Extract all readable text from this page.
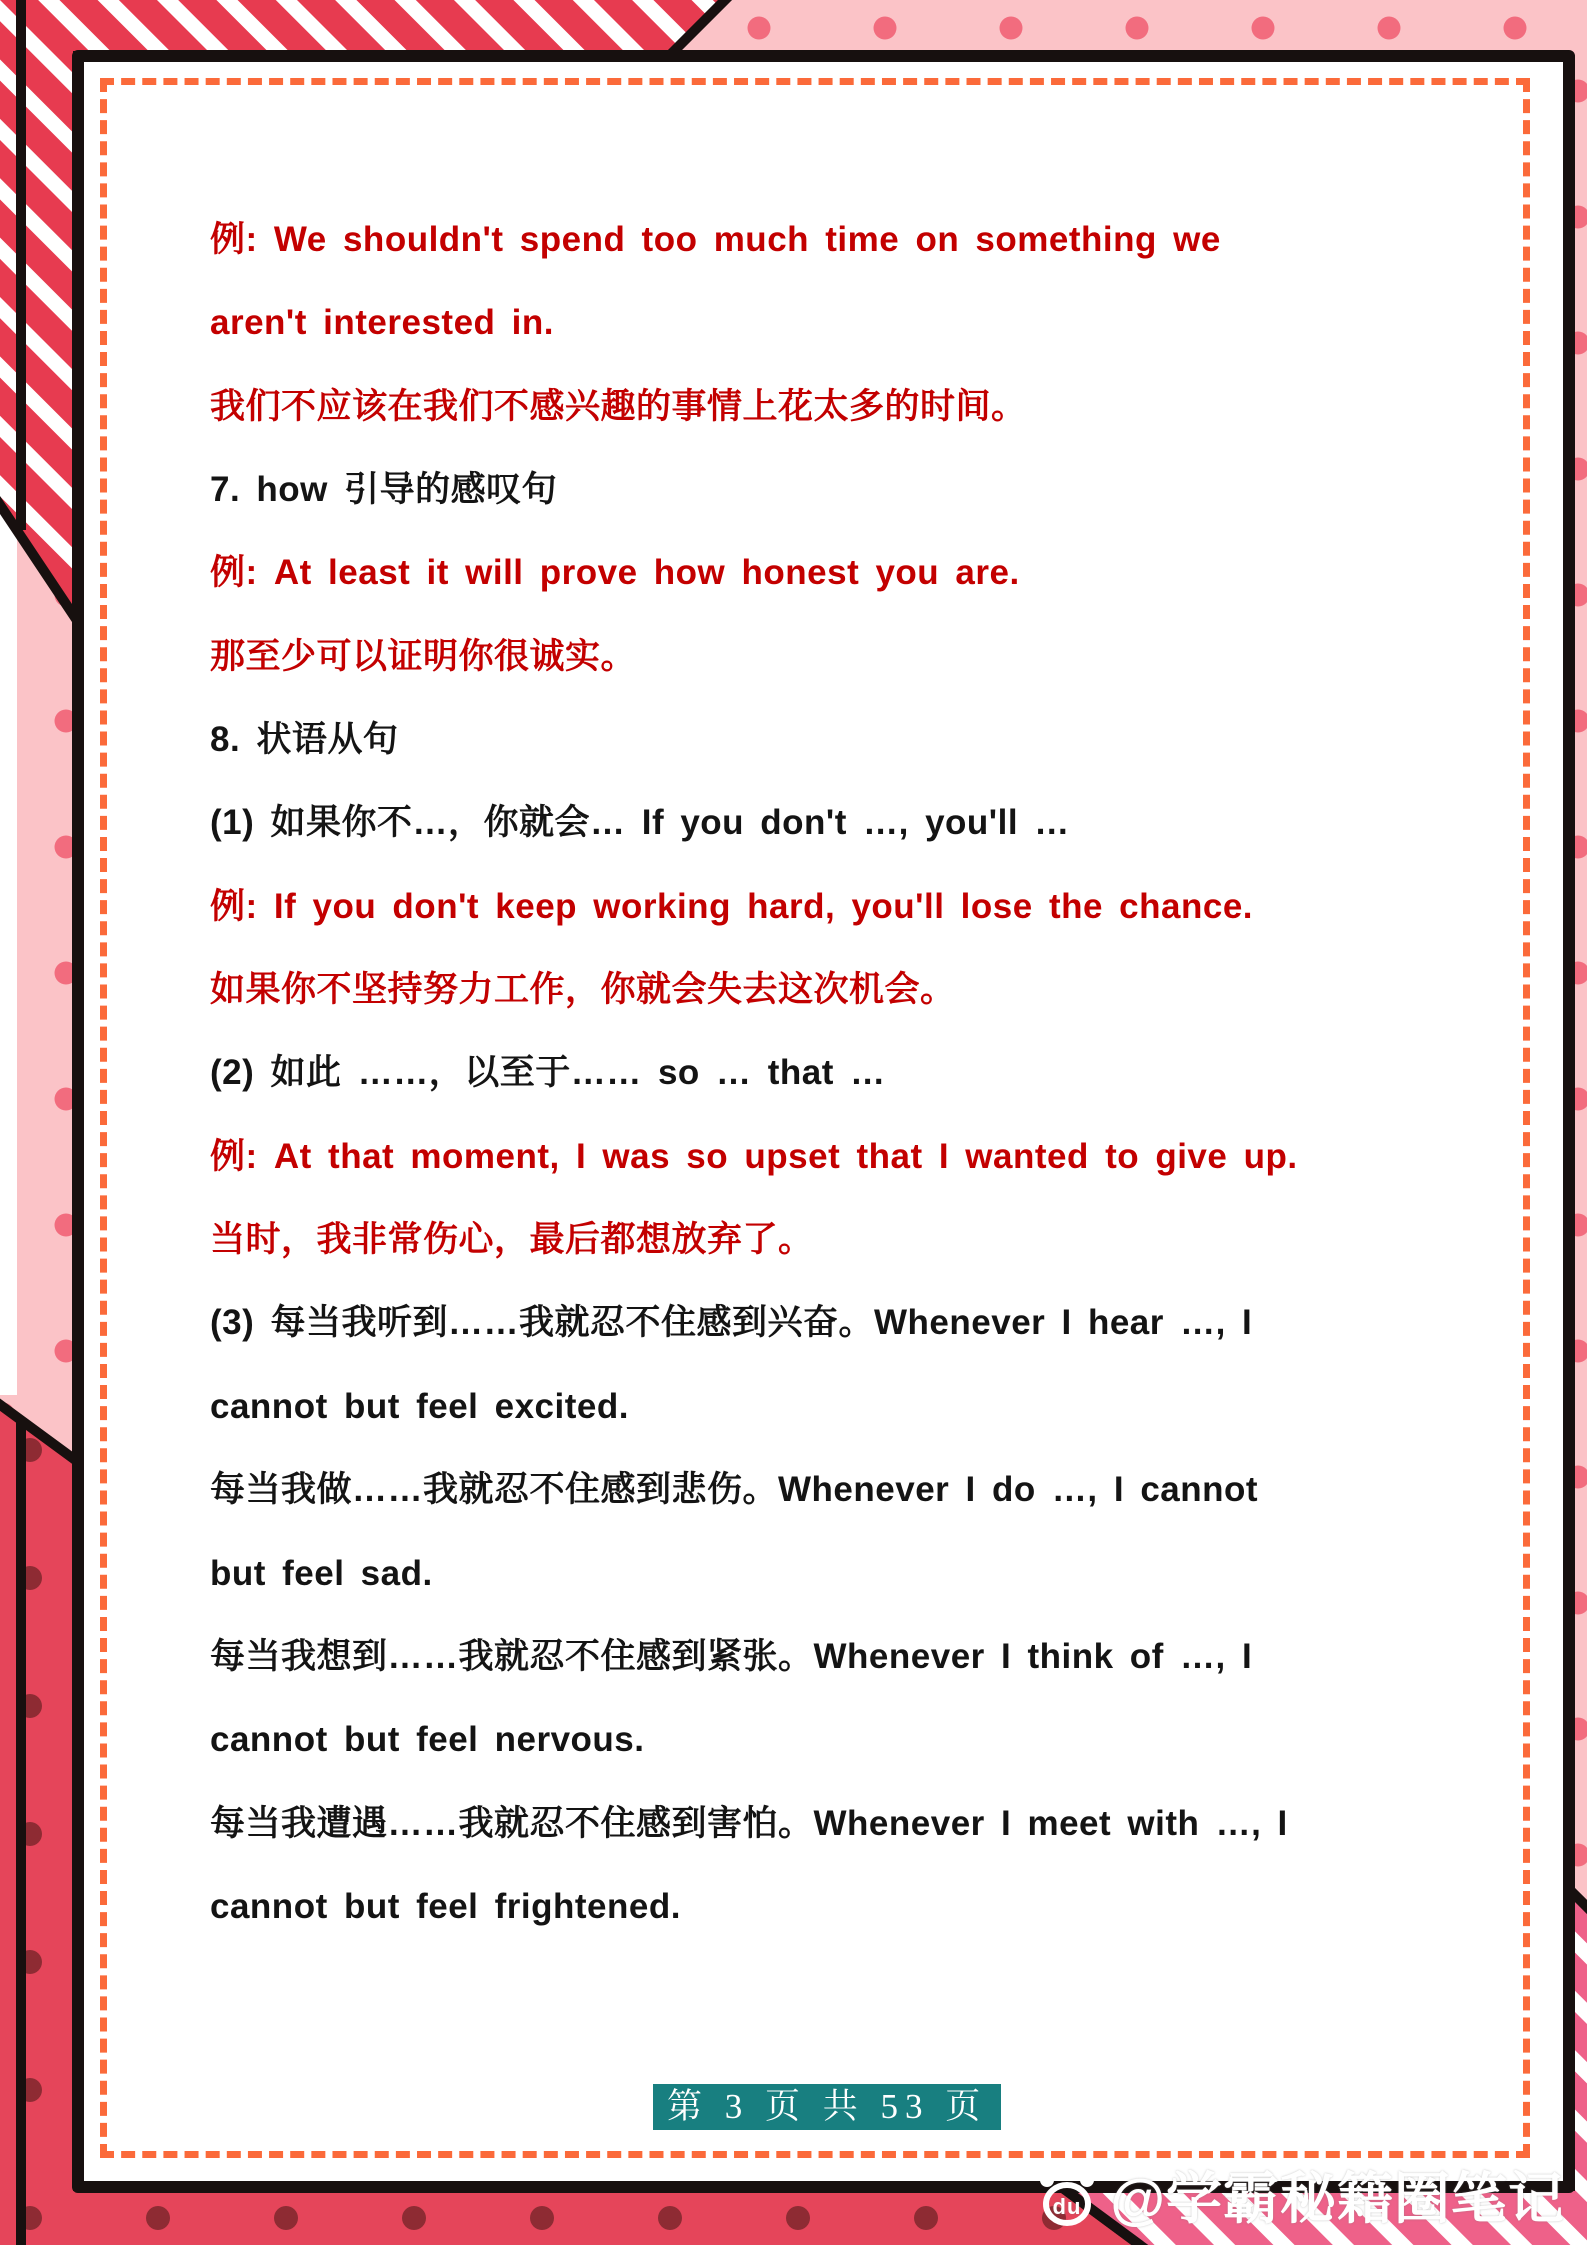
例: We shouldn't spend too much time on something we
aren't interested in.
我们不应该在我们不感兴趣的事情上花太多的时间。
7. how 引导的感叹句
例: At least it will prove how honest you are.
那至少可以证明你很诚实。
8. 状语从句
(1) 如果你不…，你就会… If you don't …, you'll …
例: If you don't keep working hard, you'll lose the chance.
如果你不坚持努力工作，你就会失去这次机会。
(2) 如此 ……，以至于…… so … that …
例: At that moment, I was so upset that I wanted to give up.
当时，我非常伤心，最后都想放弃了。
(3) 每当我听到……我就忍不住感到兴奋。Whenever I hear …, I
cannot but feel excited.
每当我做……我就忍不住感到悲伤。Whenever I do …, I cannot
but feel sad.
每当我想到……我就忍不住感到紧张。Whenever I think of …, I
cannot but feel nervous.
每当我遭遇……我就忍不住感到害怕。Whenever I meet with …, I
cannot but feel frightened.
第 3 页 共 53 页
du @学霸秘籍圈笔记
